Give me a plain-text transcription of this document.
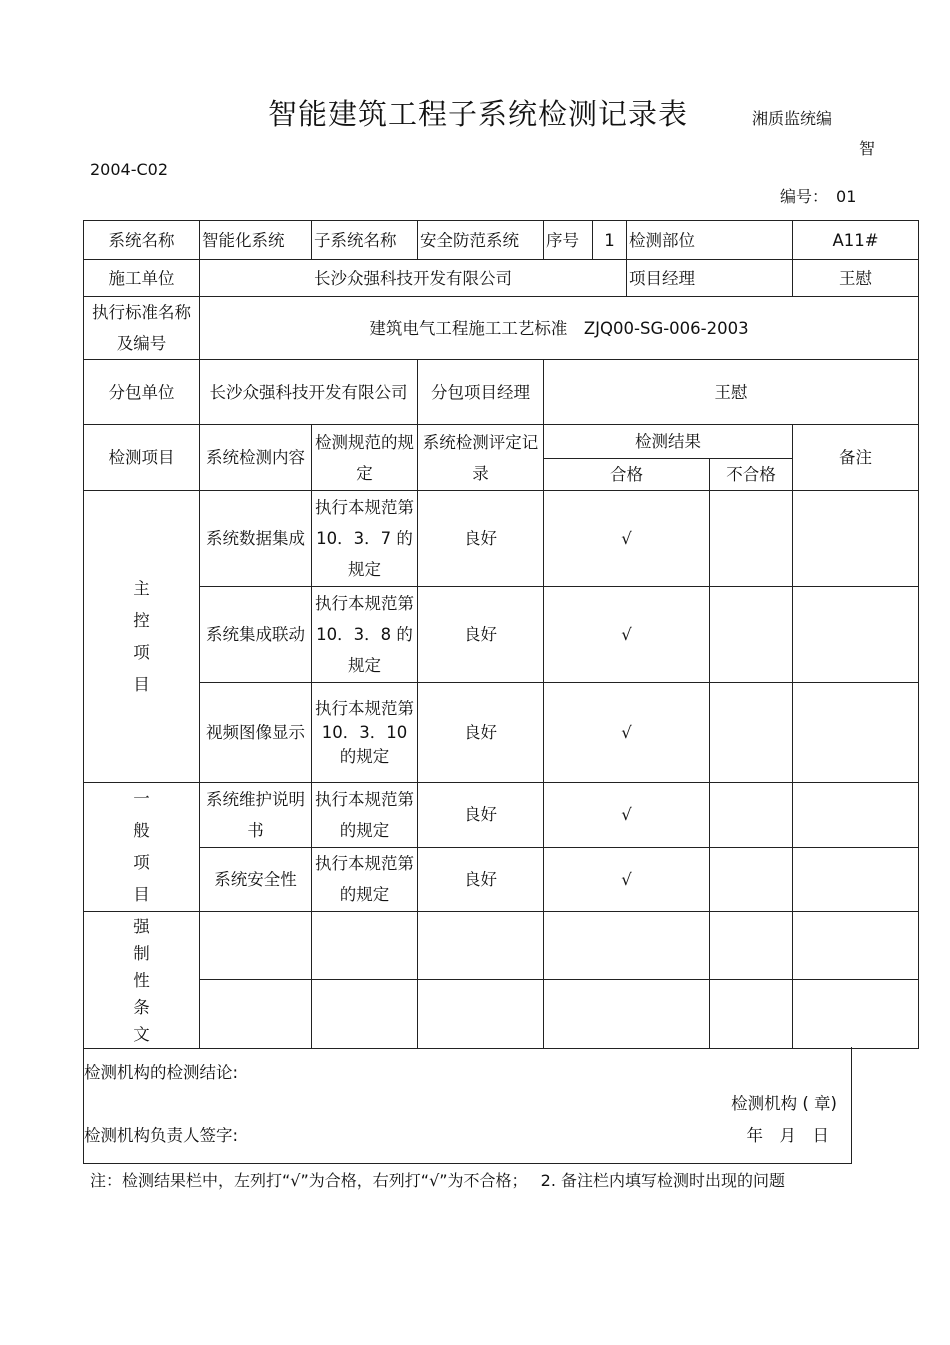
智能建筑工程子系统检测记录表	湘质监统编
智
2004-C02
编号： 01
系统名称	智能化系统	子系统名称	安全防范系统	序号	1	检测部位		A11#
施工单位	长沙众强科技开发有限公司					项目经理		王慰
执行标准名称及编号	建筑电气工程施工工艺标准　ZJQ00-SG-006-2003							
分包单位	长沙众强科技开发有限公司		分包项目经理	王慰				
检测项目	系统检测内容	检测规范的规定	系统检测评定记录	检测结果				备注
				合格			不合格	
主控项目	系统数据集成	执行本规范第 10．3．7 的规定	良好	√				
	系统集成联动	执行本规范第 10．3．8 的规定	良好	√				
	视频图像显示	执行本规范第 10．3．10 的规定	良好	√				
一般项目	系统维护说明书	执行本规范第的规定	良好	√				
	系统安全性	执行本规范第的规定	良好	√				
强制性条文								

检测机构的检测结论:
检测机构 ( 章)
检测机构负责人签字:	年　月　日
注：检测结果栏中，左列打“√”为合格，右列打“√”为不合格；　 2. 备注栏内填写检测时出现的问题
